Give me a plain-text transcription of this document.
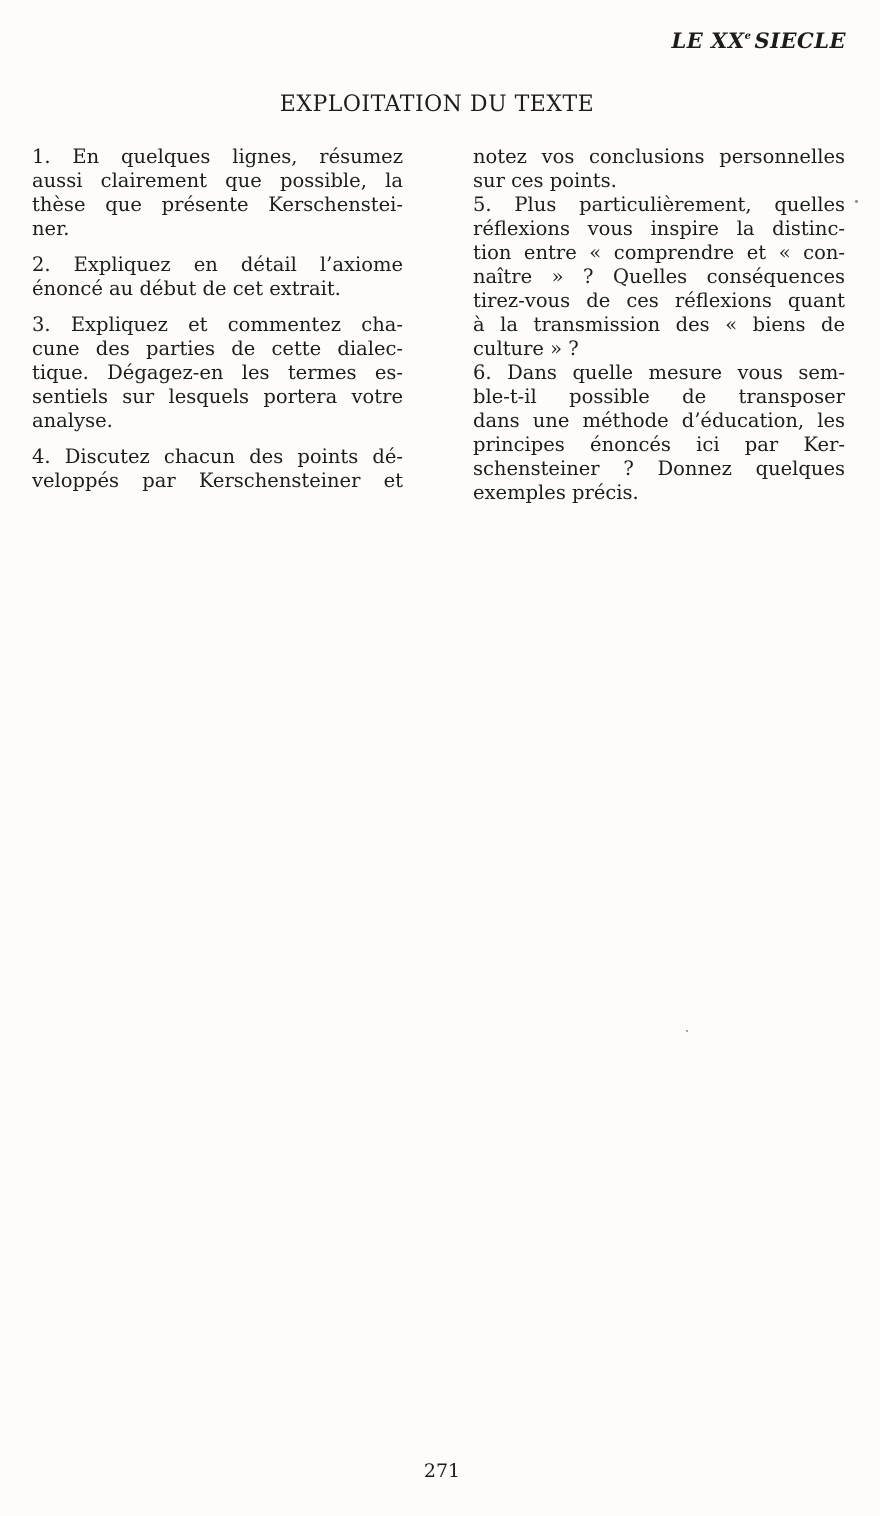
LE XXe SIECLE
EXPLOITATION DU TEXTE

1. En quelques lignes, résumez
aussi clairement que possible, la
thèse que présente Kerschenstei-
ner.

2. Expliquez en détail l’axiome
énoncé au début de cet extrait.

3. Expliquez et commentez cha-
cune des parties de cette dialec-
tique. Dégagez-en les termes es-
sentiels sur lesquels portera votre
analyse.

4. Discutez chacun des points dé-
veloppés par Kerschensteiner et

notez vos conclusions personnelles
sur ces points.

5. Plus particulièrement, quelles
réflexions vous inspire la distinc-
tion entre « comprendre et « con-
naître » ? Quelles conséquences
tirez-vous de ces réflexions quant
à la transmission des « biens de
culture » ?

6. Dans quelle mesure vous sem-
ble-t-il possible de transposer
dans une méthode d’éducation, les
principes énoncés ici par Ker-
schensteiner ? Donnez quelques
exemples précis.

271
